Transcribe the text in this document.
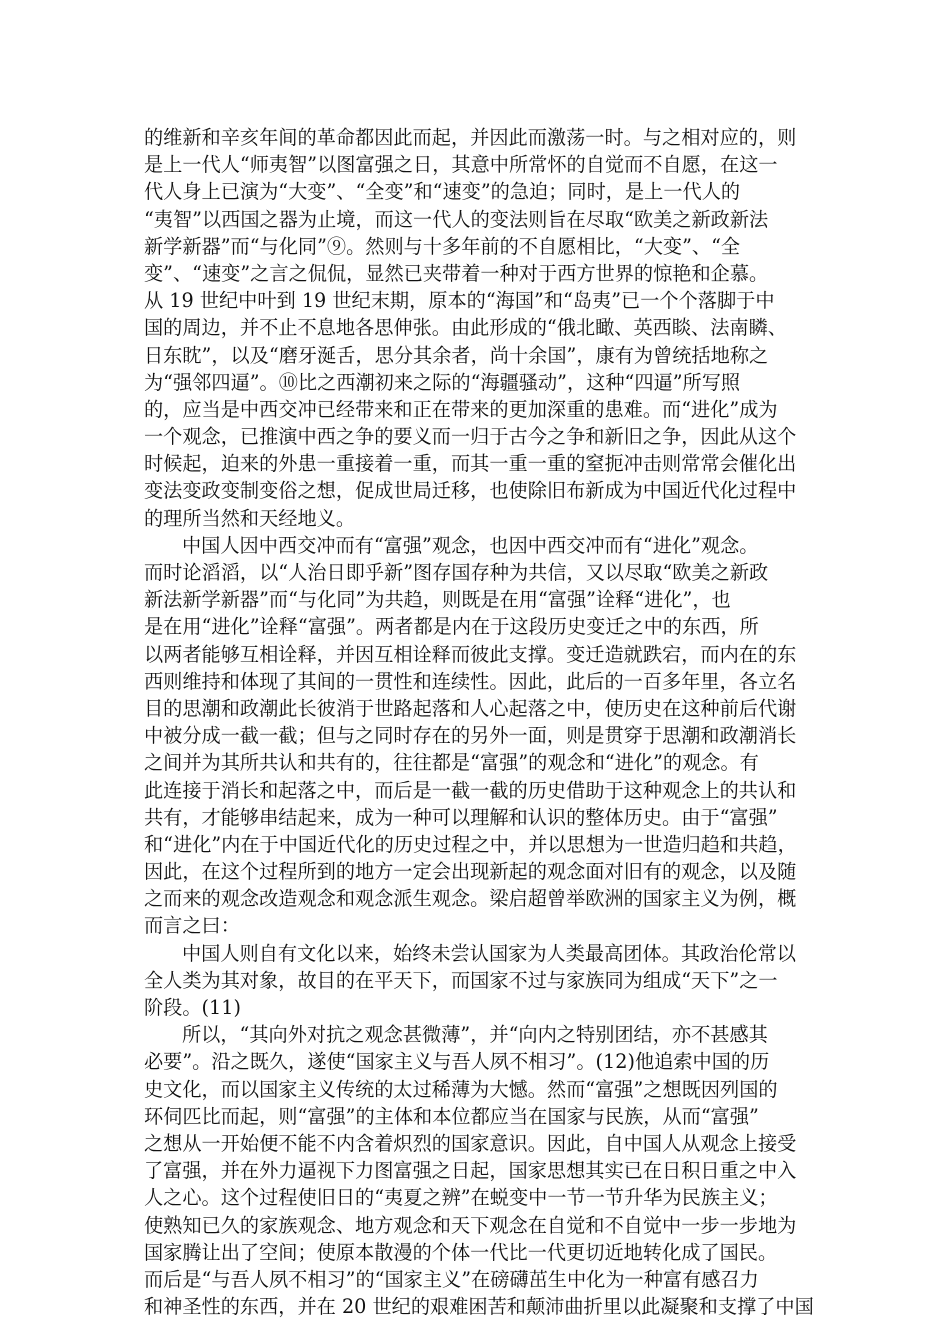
的维新和辛亥年间的革命都因此而起，并因此而激荡一时。与之相对应的，则
是上一代人“师夷智”以图富强之日，其意中所常怀的自觉而不自愿，在这一
代人身上已演为“大变”、“全变”和“速变”的急迫；同时，是上一代人的
“夷智”以西国之器为止境，而这一代人的变法则旨在尽取“欧美之新政新法
新学新器”而“与化同”⑨。然则与十多年前的不自愿相比，“大变”、“全
变”、“速变”之言之侃侃，显然已夹带着一种对于西方世界的惊艳和企慕。
从 19 世纪中叶到 19 世纪末期，原本的“海国”和“岛夷”已一个个落脚于中
国的周边，并不止不息地各思伸张。由此形成的“俄北瞰、英西睒、法南瞵、
日东眈”，以及“磨牙涎舌，思分其余者，尚十余国”，康有为曾统括地称之
为“强邻四逼”。⑩比之西潮初来之际的“海疆骚动”，这种“四逼”所写照
的，应当是中西交冲已经带来和正在带来的更加深重的患难。而“进化”成为
一个观念，已推演中西之争的要义而一归于古今之争和新旧之争，因此从这个
时候起，迫来的外患一重接着一重，而其一重一重的窒扼冲击则常常会催化出
变法变政变制变俗之想，促成世局迁移，也使除旧布新成为中国近代化过程中
的理所当然和天经地义。
中国人因中西交冲而有“富强”观念，也因中西交冲而有“进化”观念。
而时论滔滔，以“人治日即乎新”图存国存种为共信，又以尽取“欧美之新政
新法新学新器”而“与化同”为共趋，则既是在用“富强”诠释“进化”，也
是在用“进化”诠释“富强”。两者都是内在于这段历史变迁之中的东西，所
以两者能够互相诠释，并因互相诠释而彼此支撑。变迁造就跌宕，而内在的东
西则维持和体现了其间的一贯性和连续性。因此，此后的一百多年里，各立名
目的思潮和政潮此长彼消于世路起落和人心起落之中，使历史在这种前后代谢
中被分成一截一截；但与之同时存在的另外一面，则是贯穿于思潮和政潮消长
之间并为其所共认和共有的，往往都是“富强”的观念和“进化”的观念。有
此连接于消长和起落之中，而后是一截一截的历史借助于这种观念上的共认和
共有，才能够串结起来，成为一种可以理解和认识的整体历史。由于“富强”
和“进化”内在于中国近代化的历史过程之中，并以思想为一世造归趋和共趋，
因此，在这个过程所到的地方一定会出现新起的观念面对旧有的观念，以及随
之而来的观念改造观念和观念派生观念。梁启超曾举欧洲的国家主义为例，概
而言之曰：
中国人则自有文化以来，始终未尝认国家为人类最高团体。其政治伦常以
全人类为其对象，故目的在平天下，而国家不过与家族同为组成“天下”之一
阶段。(11)
所以，“其向外对抗之观念甚微薄”，并“向内之特别团结，亦不甚感其
必要”。沿之既久，遂使“国家主义与吾人夙不相习”。(12)他追索中国的历
史文化，而以国家主义传统的太过稀薄为大憾。然而“富强”之想既因列国的
环伺匹比而起，则“富强”的主体和本位都应当在国家与民族，从而“富强”
之想从一开始便不能不内含着炽烈的国家意识。因此，自中国人从观念上接受
了富强，并在外力逼视下力图富强之日起，国家思想其实已在日积日重之中入
人之心。这个过程使旧日的“夷夏之辨”在蜕变中一节一节升华为民族主义；
使熟知已久的家族观念、地方观念和天下观念在自觉和不自觉中一步一步地为
国家腾让出了空间；使原本散漫的个体一代比一代更切近地转化成了国民。
而后是“与吾人夙不相习”的“国家主义”在磅礴茁生中化为一种富有感召力
和神圣性的东西，并在 20 世纪的艰难困苦和颠沛曲折里以此凝聚和支撑了中国
